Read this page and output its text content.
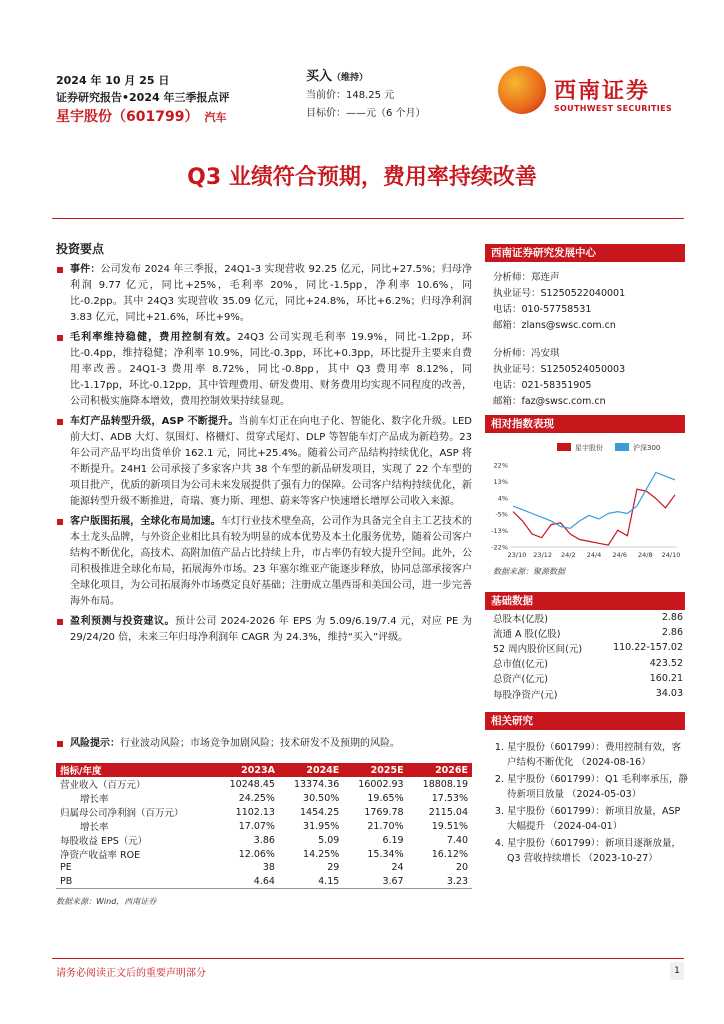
2024 年 10 月 25 日
证券研究报告•2024 年三季报点评
星宇股份（601799） 汽车
买入（维持）
当前价：148.25 元
目标价：——元（6 个月）
西南证券
SOUTHWEST SECURITIES
Q3 业绩符合预期，费用率持续改善
投资要点
事件：公司发布 2024 年三季报，24Q1-3 实现营收 92.25 亿元，同比+27.5%；归母净利润 9.77 亿元，同比+25%，毛利率 20%，同比-1.5pp，净利率 10.6%，同比-0.2pp。其中 24Q3 实现营收 35.09 亿元，同比+24.8%，环比+6.2%；归母净利润 3.83 亿元，同比+21.6%，环比+9%。
毛利率维持稳健，费用控制有效。24Q3 公司实现毛利率 19.9%，同比-1.2pp，环比-0.4pp，维持稳健；净利率 10.9%，同比-0.3pp，环比+0.3pp，环比提升主要来自费用率改善。24Q1-3 费用率 8.72%，同比-0.8pp，其中 Q3 费用率 8.12%，同比-1.17pp，环比-0.12pp，其中管理费用、研发费用、财务费用均实现不同程度的改善，公司积极实施降本增效，费用控制效果持续显现。
车灯产品转型升级，ASP 不断提升。当前车灯正在向电子化、智能化、数字化升级。LED 前大灯、ADB 大灯、氛围灯、格栅灯、贯穿式尾灯、DLP 等智能车灯产品成为新趋势。23 年公司产品平均出货单价 162.1 元，同比+25.4%。随着公司产品结构持续优化，ASP 将不断提升。24H1 公司承接了多家客户共 38 个车型的新品研发项目，实现了 22 个车型的项目批产，优质的新项目为公司未来发展提供了强有力的保障。公司客户结构持续优化，新能源转型升级不断推进，奇瑞、赛力斯、理想、蔚来等客户快速增长增厚公司收入来源。
客户版图拓展，全球化布局加速。车灯行业技术壁垒高，公司作为具备完全自主工艺技术的本土龙头品牌，与外资企业相比具有较为明显的成本优势及本土化服务优势，随着公司客户结构不断优化，高技术、高附加值产品占比持续上升，市占率仍有较大提升空间。此外，公司积极推进全球化布局，拓展海外市场。23 年塞尔维亚产能逐步释放，协同总部承接客户全球化项目，为公司拓展海外市场奠定良好基础；注册成立墨西哥和美国公司，进一步完善海外布局。
盈利预测与投资建议。预计公司 2024-2026 年 EPS 为 5.09/6.19/7.4 元，对应 PE 为 29/24/20 倍，未来三年归母净利润年 CAGR 为 24.3%，维持“买入”评级。
风险提示：行业波动风险；市场竞争加剧风险；技术研发不及预期的风险。
指标/年度	2023A	2024E	2025E	2026E
营业收入（百万元）	10248.45	13374.36	16002.93	18808.19
增长率	24.25%	30.50%	19.65%	17.53%
归属母公司净利润（百万元）	1102.13	1454.25	1769.78	2115.04
增长率	17.07%	31.95%	21.70%	19.51%
每股收益 EPS（元）	3.86	5.09	6.19	7.40
净资产收益率 ROE	12.06%	14.25%	15.34%	16.12%
PE	38	29	24	20
PB	4.64	4.15	3.67	3.23
数据来源：Wind，西南证券
西南证券研究发展中心
分析师：郑连声
执业证号：S1250522040001
电话：010-57758531
邮箱：zlans@swsc.com.cn
分析师：冯安琪
执业证号：S1250524050003
电话：021-58351905
邮箱：faz@swsc.com.cn
相对指数表现
星宇股份	沪深300
22%
13%
4%
-5%
-13%
-22%
23/10 23/12 24/2 24/4 24/6 24/8 24/10
数据来源：聚源数据
基础数据
总股本(亿股)	2.86
流通 A 股(亿股)	2.86
52 周内股价区间(元)	110.22-157.02
总市值(亿元)	423.52
总资产(亿元)	160.21
每股净资产(元)	34.03
相关研究
1. 星宇股份（601799）：费用控制有效，客户结构不断优化 （2024-08-16）
2. 星宇股份（601799）：Q1 毛利率承压，静待新项目放量 （2024-05-03）
3. 星宇股份（601799）：新项目放量，ASP 大幅提升 （2024-04-01）
4. 星宇股份（601799）：新项目逐渐放量，Q3 营收持续增长 （2023-10-27）
请务必阅读正文后的重要声明部分	1
